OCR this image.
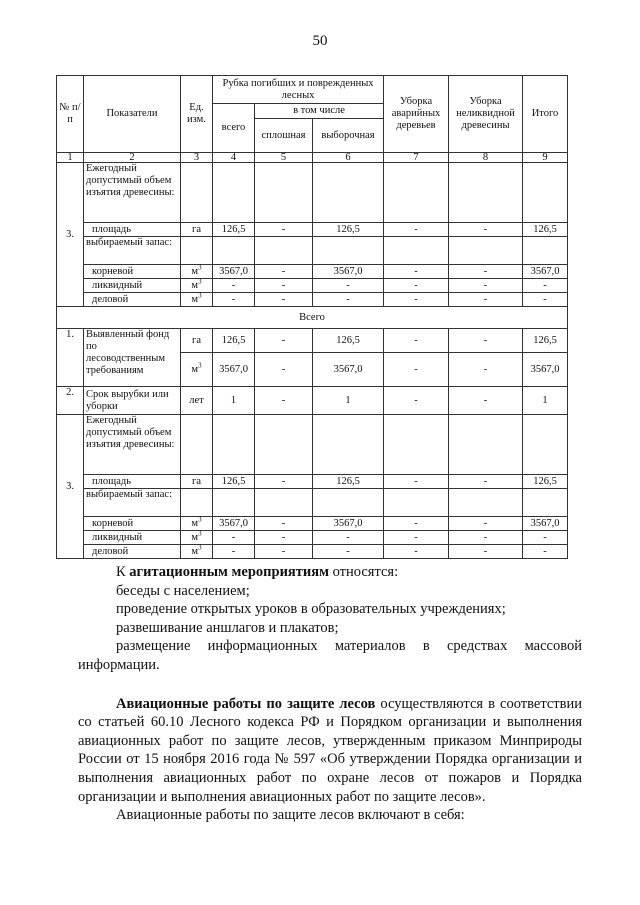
50
№ п/п	Показатели	Ед. изм.	Рубка погибших и поврежденных лесных			Уборка аварийных деревьев	Уборка неликвидной древесины	Итого
			всего	в том числе				
				сплошная	выборочная			
1	2	3	4	5	6	7	8	9
3.	Ежегодный допустимый объем изъятия древесины:							
	площадь	га	126,5	-	126,5	-	-	126,5
	выбираемый запас:							
	корневой	$м^3$	3567,0	-	3567,0	-	-	3567,0
	ликвидный	$м^3$	-	-	-	-	-	-
	деловой	$м^3$	-	-	-	-	-	-
Всего								
1.	Выявленный фонд по лесоводственным требованиям	га	126,5	-	126,5	-	-	126,5
		$м^3$	3567,0	-	3567,0	-	-	3567,0
2.	Срок вырубки или уборки	лет	1	-	1	-	-	1
3.	Ежегодный допустимый объем изъятия древесины:							
	площадь	га	126,5	-	126,5	-	-	126,5
	выбираемый запас:							
	корневой	$м^3$	3567,0	-	3567,0	-	-	3567,0
	ликвидный	$м^3$	-	-	-	-	-	-
	деловой	$м^3$	-	-	-	-	-	-

К агитационным мероприятиям относятся:

беседы с населением;

проведение открытых уроков в образовательных учреждениях;

развешивание аншлагов и плакатов;

размещение информационных материалов в средствах массовой информации.

Авиационные работы по защите лесов осуществляются в соответствии со статьей 60.10 Лесного кодекса РФ и Порядком организации и выполнения авиационных работ по защите лесов, утвержденным приказом Минприроды России от 15 ноября 2016 года № 597 «Об утверждении Порядка организации и выполнения авиационных работ по охране лесов от пожаров и Порядка организации и выполнения авиационных работ по защите лесов».

Авиационные работы по защите лесов включают в себя:
